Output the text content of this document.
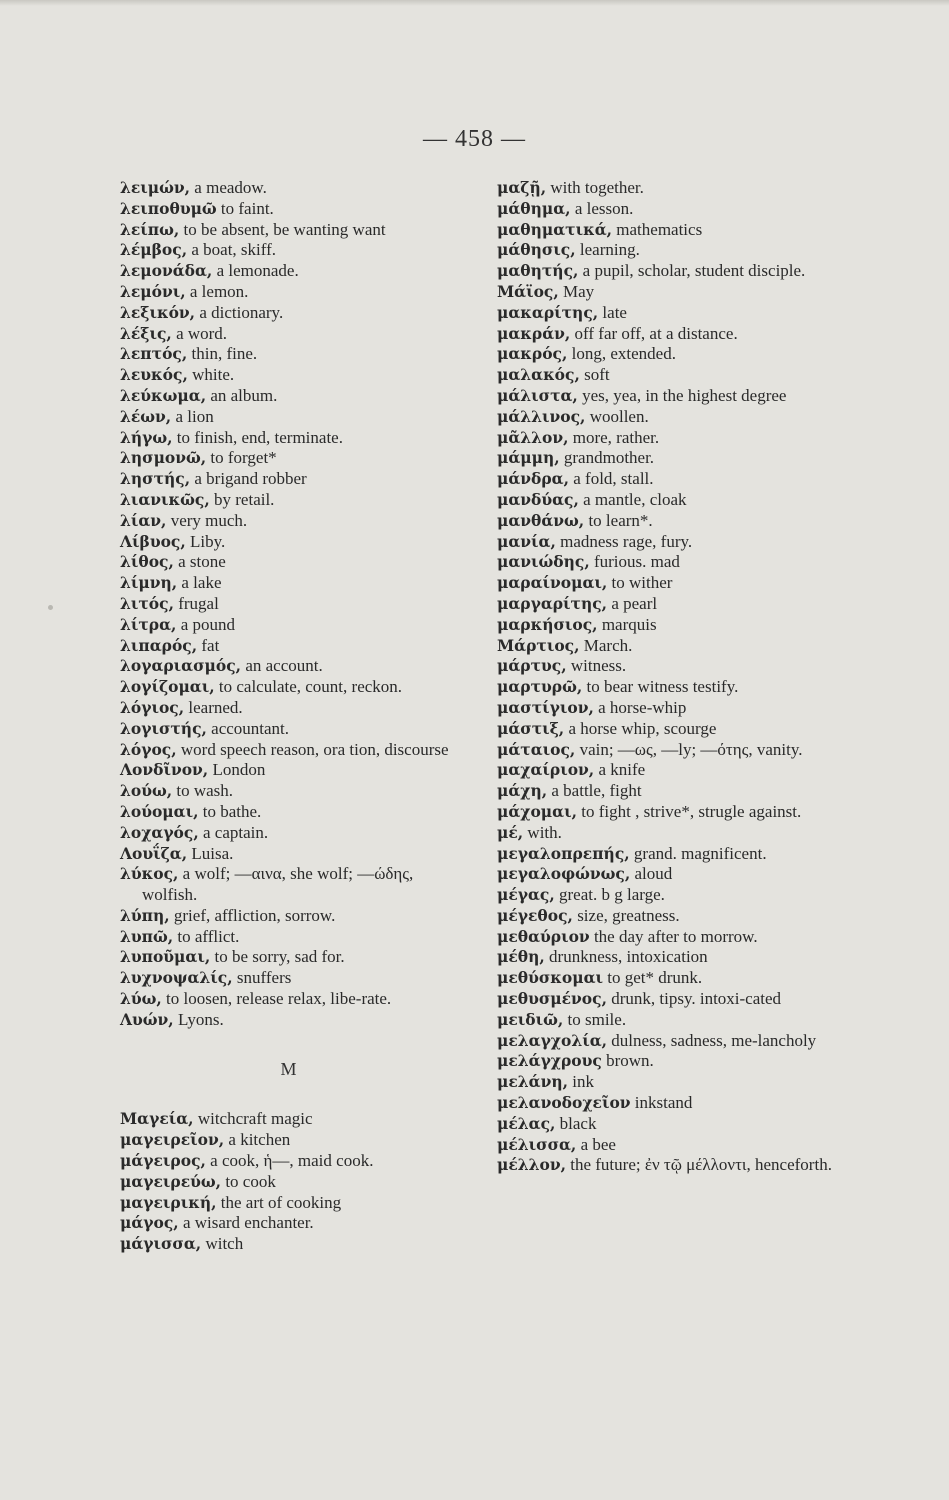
— 458 —

λειμών, a meadow.

λειποθυμῶ to faint.

λείπω, to be absent, be wanting want

λέμβος, a boat, skiff.

λεμονάδα, a lemonade.

λεμόνι, a lemon.

λεξικόν, a dictionary.

λέξις, a word.

λεπτός, thin, fine.

λευκός, white.

λεύκωμα, an album.

λέων, a lion

λήγω, to finish, end, terminate.

λησμονῶ, to forget*

ληστής, a brigand robber

λιανικῶς, by retail.

λίαν, very much.

Λίβυος, Liby.

λίθος, a stone

λίμνη, a lake

λιτός, frugal

λίτρα, a pound

λιπαρός, fat

λογαριασμός, an account.

λογίζομαι, to calculate, count, reckon.

λόγιος, learned.

λογιστής, accountant.

λόγος, word speech reason, ora tion, discourse

Λονδῖνον, London

λούω, to wash.

λούομαι, to bathe.

λοχαγός, a captain.

Λουΐζα, Luisa.

λύκος, a wolf; —αινα, she wolf; —ώδης, wolfish.

λύπη, grief, affliction, sorrow.

λυπῶ, to afflict.

λυποῦμαι, to be sorry, sad for.

λυχνοψαλίς, snuffers

λύω, to loosen, release relax, libe-rate.

Λυών, Lyons.

M

Μαγεία, witchcraft magic

μαγειρεῖον, a kitchen

μάγειρος, a cook, ἡ—, maid cook.

μαγειρεύω, to cook

μαγειρική, the art of cooking

μάγος, a wisard enchanter.

μάγισσα, witch

μαζῇ, with together.

μάθημα, a lesson.

μαθηματικά, mathematics

μάθησις, learning.

μαθητής, a pupil, scholar, student disciple.

Μάϊος, May

μακαρίτης, late

μακράν, off far off, at a distance.

μακρός, long, extended.

μαλακός, soft

μάλιστα, yes, yea, in the highest degree

μάλλινος, woollen.

μᾶλλον, more, rather.

μάμμη, grandmother.

μάνδρα, a fold, stall.

μανδύας, a mantle, cloak

μανθάνω, to learn*.

μανία, madness rage, fury.

μανιώδης, furious. mad

μαραίνομαι, to wither

μαργαρίτης, a pearl

μαρκήσιος, marquis

Μάρτιος, March.

μάρτυς, witness.

μαρτυρῶ, to bear witness testify.

μαστίγιον, a horse-whip

μάστιξ, a horse whip, scourge

μάταιος, vain; —ως, —ly; —ότης, vanity.

μαχαίριον, a knife

μάχη, a battle, fight

μάχομαι, to fight , strive*, strugle against.

μέ, with.

μεγαλοπρεπής, grand. magnificent.

μεγαλοφώνως, aloud

μέγας, great. b g large.

μέγεθος, size, greatness.

μεθαύριον the day after to morrow.

μέθη, drunkness, intoxication

μεθύσκομαι to get* drunk.

μεθυσμένος, drunk, tipsy. intoxi-cated

μειδιῶ, to smile.

μελαγχολία, dulness, sadness, me-lancholy

μελάγχρους brown.

μελάνη, ink

μελανοδοχεῖον inkstand

μέλας, black

μέλισσα, a bee

μέλλον, the future; ἐν τῷ μέλλοντι, henceforth.
